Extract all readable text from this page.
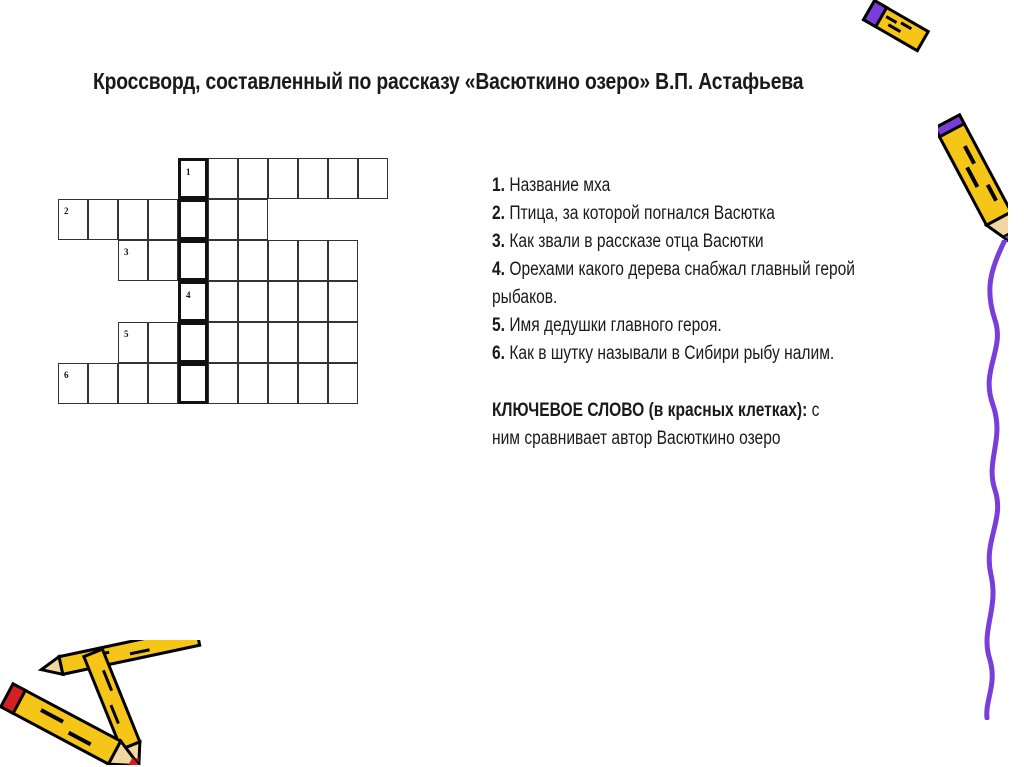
Кроссворд, составленный по рассказу «Васюткино озеро» В.П. Астафьева
1
2
3
4
5
6
1. Название мха
2. Птица, за которой погнался Васютка
3. Как звали в рассказе отца Васютки
4. Орехами какого дерева снабжал главный герой
рыбаков.
5. Имя дедушки главного героя.
6. Как в шутку называли в Сибири рыбу налим.
КЛЮЧЕВОЕ СЛОВО (в красных клетках): с
ним сравнивает автор Васюткино озеро
